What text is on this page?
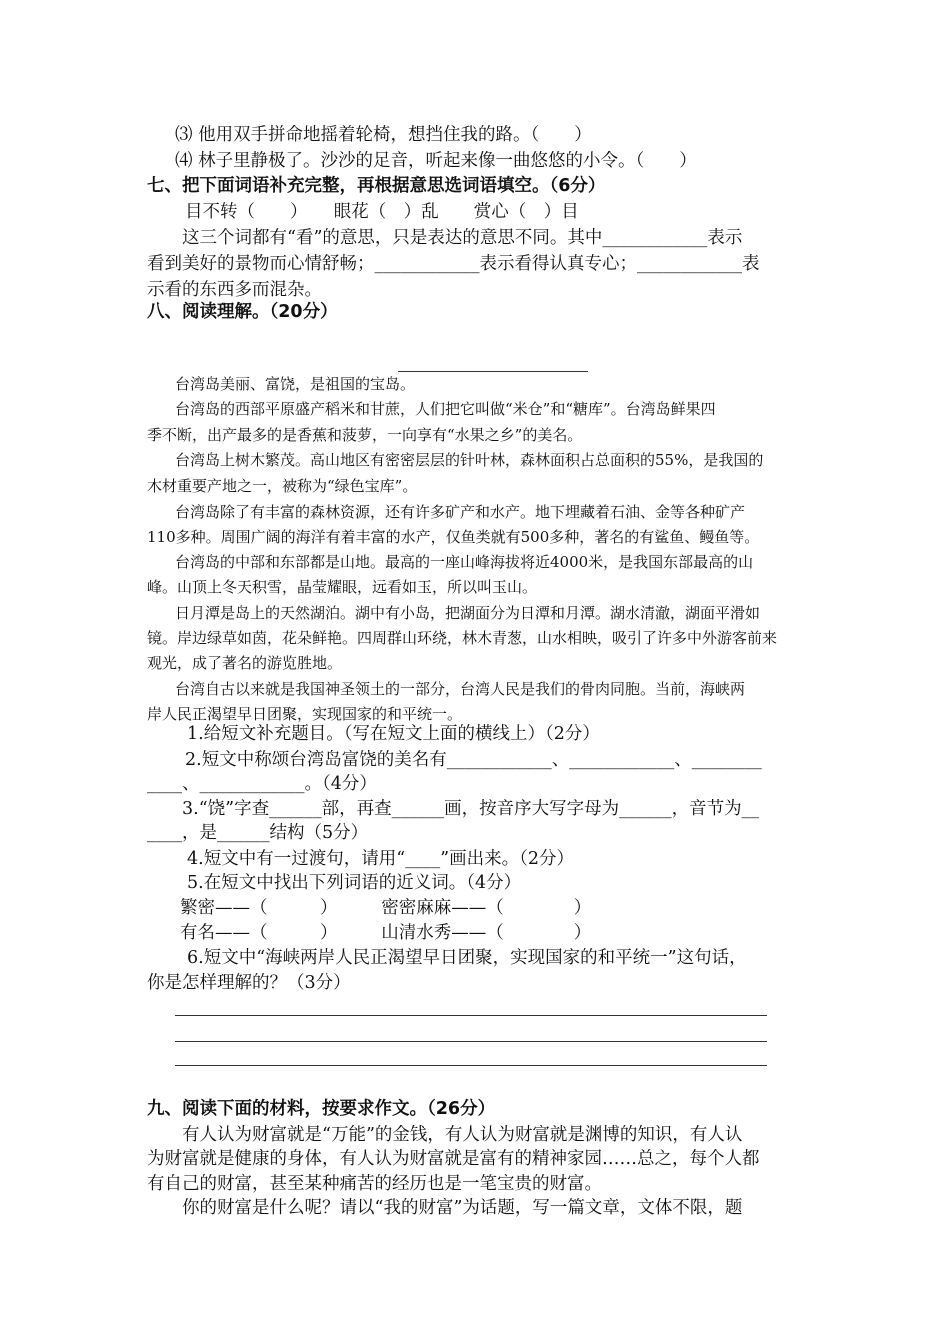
⑶ 他用双手拼命地摇着轮椅，想挡住我的路。（　　）
⑷ 林子里静极了。沙沙的足音，听起来像一曲悠悠的小令。（　　）
七、把下面词语补充完整，再根据意思选词语填空。（6分）
目不转（　　）　　眼花（　）乱　　赏心（　）目
这三个词都有“看”的意思，只是表达的意思不同。其中____________表示
看到美好的景物而心情舒畅；____________表示看得认真专心；____________表
示看的东西多而混杂。
八、阅读理解。（20分）
台湾岛美丽、富饶，是祖国的宝岛。
台湾岛的西部平原盛产稻米和甘蔗，人们把它叫做“米仓”和“糖库”。台湾岛鲜果四
季不断，出产最多的是香蕉和菠萝，一向享有“水果之乡”的美名。
台湾岛上树木繁茂。高山地区有密密层层的针叶林，森林面积占总面积的55%，是我国的
木材重要产地之一，被称为“绿色宝库”。
台湾岛除了有丰富的森林资源，还有许多矿产和水产。地下埋藏着石油、金等各种矿产
110多种。周围广阔的海洋有着丰富的水产，仅鱼类就有500多种，著名的有鲨鱼、鳗鱼等。
台湾岛的中部和东部都是山地。最高的一座山峰海拔将近4000米，是我国东部最高的山
峰。山顶上冬天积雪，晶莹耀眼，远看如玉，所以叫玉山。
日月潭是岛上的天然湖泊。湖中有小岛，把湖面分为日潭和月潭。湖水清澈，湖面平滑如
镜。岸边绿草如茵，花朵鲜艳。四周群山环绕，林木青葱，山水相映，吸引了许多中外游客前来
观光，成了著名的游览胜地。
台湾自古以来就是我国神圣领土的一部分，台湾人民是我们的骨肉同胞。当前，海峡两
岸人民正渴望早日团聚，实现国家的和平统一。
1.给短文补充题目。（写在短文上面的横线上）（2分）
2.短文中称颂台湾岛富饶的美名有____________、____________、________
____、____________。（4分）
3.“饶”字查______部，再查______画，按音序大写字母为______，音节为__
____，是______结构（5分）
4.短文中有一过渡句，请用“____”画出来。（2分）
5.在短文中找出下列词语的近义词。（4分）
繁密——（　　　）　　　密密麻麻——（　　　　）
有名——（　　　）　　　山清水秀——（　　　　）
6.短文中“海峡两岸人民正渴望早日团聚，实现国家的和平统一”这句话，
你是怎样理解的？（3分）
九、阅读下面的材料，按要求作文。（26分）
有人认为财富就是“万能”的金钱，有人认为财富就是渊博的知识，有人认
为财富就是健康的身体，有人认为财富就是富有的精神家园……总之，每个人都
有自己的财富，甚至某种痛苦的经历也是一笔宝贵的财富。
你的财富是什么呢？请以“我的财富”为话题，写一篇文章，文体不限，题
